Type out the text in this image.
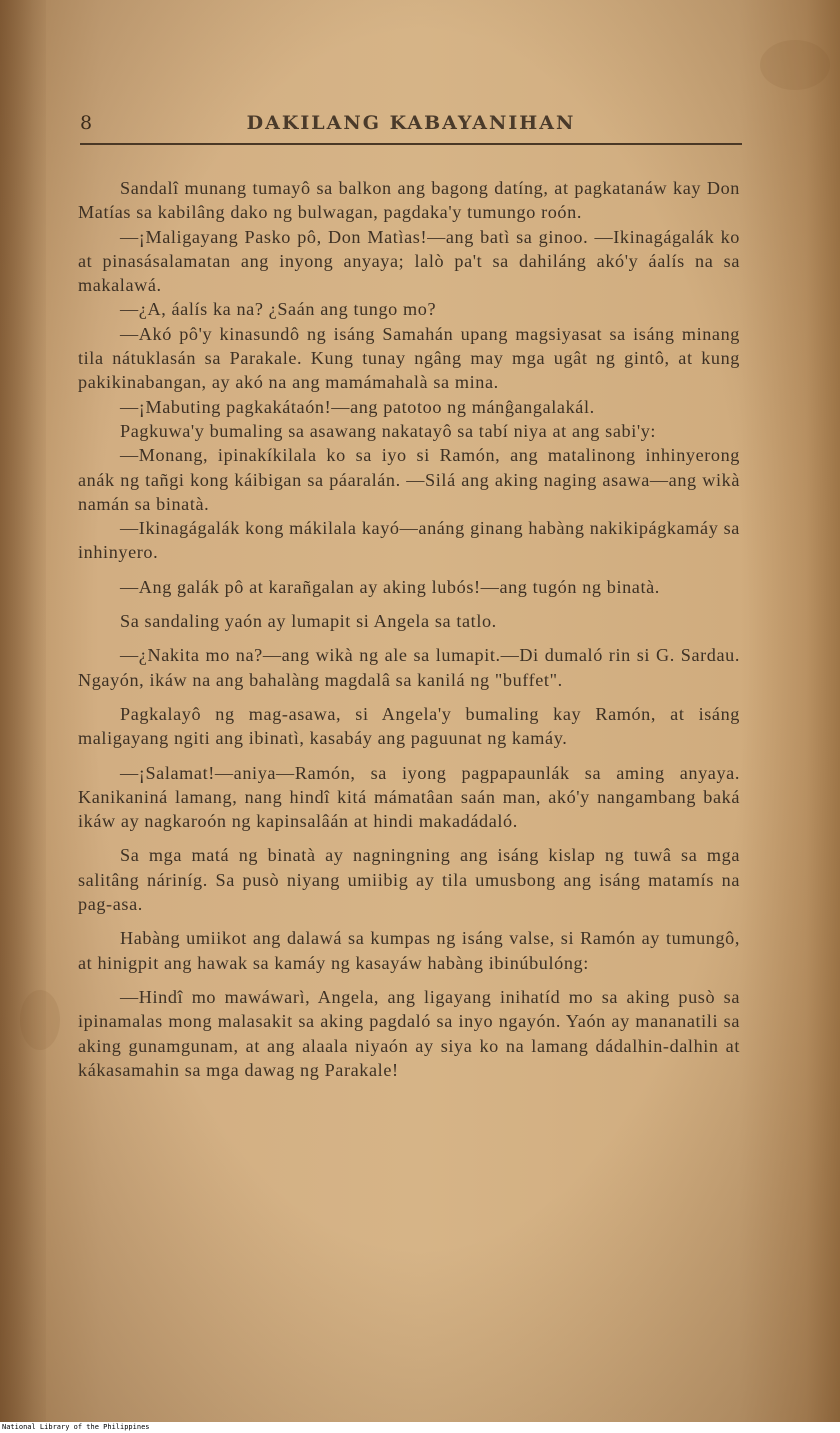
8	DAKILANG KABAYANIHAN

Sandalî munang tumayô sa balkon ang bagong datíng, at pagkatanáw kay Don Matías sa kabilâng dako ng bulwagan, pagdaka'y tumungo roón.

—¡Maligayang Pasko pô, Don Matìas!—ang batì sa ginoo. —Ikinagágalák ko at pinasásalamatan ang inyong anyaya; lalò pa't sa dahiláng akó'y áalís na sa makalawá.

—¿A, áalís ka na? ¿Saán ang tungo mo?

—Akó pô'y kinasundô ng isáng Samahán upang magsiyasat sa isáng minang tila nátuklasán sa Parakale. Kung tunay ngâng may mga ugât ng gintô, at kung pakikinabangan, ay akó na ang mamámahalà sa mina.

—¡Mabuting pagkakátaón!—ang patotoo ng mánĝangalakál.

Pagkuwa'y bumaling sa asawang nakatayô sa tabí niya at ang sabi'y:

—Monang, ipinakíkilala ko sa iyo si Ramón, ang matalinong inhinyerong anák ng tañgi kong káibigan sa páaralán. —Silá ang aking naging asawa—ang wikà namán sa binatà.

—Ikinagágalák kong mákilala kayó—anáng ginang habàng nakikipágkamáy sa inhinyero.

—Ang galák pô at karañgalan ay aking lubós!—ang tugón ng binatà.

Sa sandaling yaón ay lumapit si Angela sa tatlo.

—¿Nakita mo na?—ang wikà ng ale sa lumapit.—Di dumaló rin si G. Sardau. Ngayón, ikáw na ang bahalàng magdalâ sa kanilá ng "buffet".

Pagkalayô ng mag-asawa, si Angela'y bumaling kay Ramón, at isáng maligayang ngiti ang ibinatì, kasabáy ang paguunat ng kamáy.

—¡Salamat!—aniya—Ramón, sa iyong pagpapaunlák sa aming anyaya. Kanikaniná lamang, nang hindî kitá mámatâan saán man, akó'y nangambang baká ikáw ay nagkaroón ng kapinsalâán at hindi makadádaló.

Sa mga matá ng binatà ay nagningning ang isáng kislap ng tuwâ sa mga salitâng náriníg. Sa pusò niyang umiibig ay tila umusbong ang isáng matamís na pag-asa.

Habàng umiikot ang dalawá sa kumpas ng isáng valse, si Ramón ay tumungô, at hinigpit ang hawak sa kamáy ng kasayáw habàng ibinúbulóng:

—Hindî mo mawáwarì, Angela, ang ligayang inihatíd mo sa aking pusò sa ipinamalas mong malasakit sa aking pagdaló sa inyo ngayón. Yaón ay mananatili sa aking gunamgunam, at ang alaala niyaón ay siya ko na lamang dádalhin-dalhin at kákasamahin sa mga dawag ng Parakale!

National Library of the Philippines
